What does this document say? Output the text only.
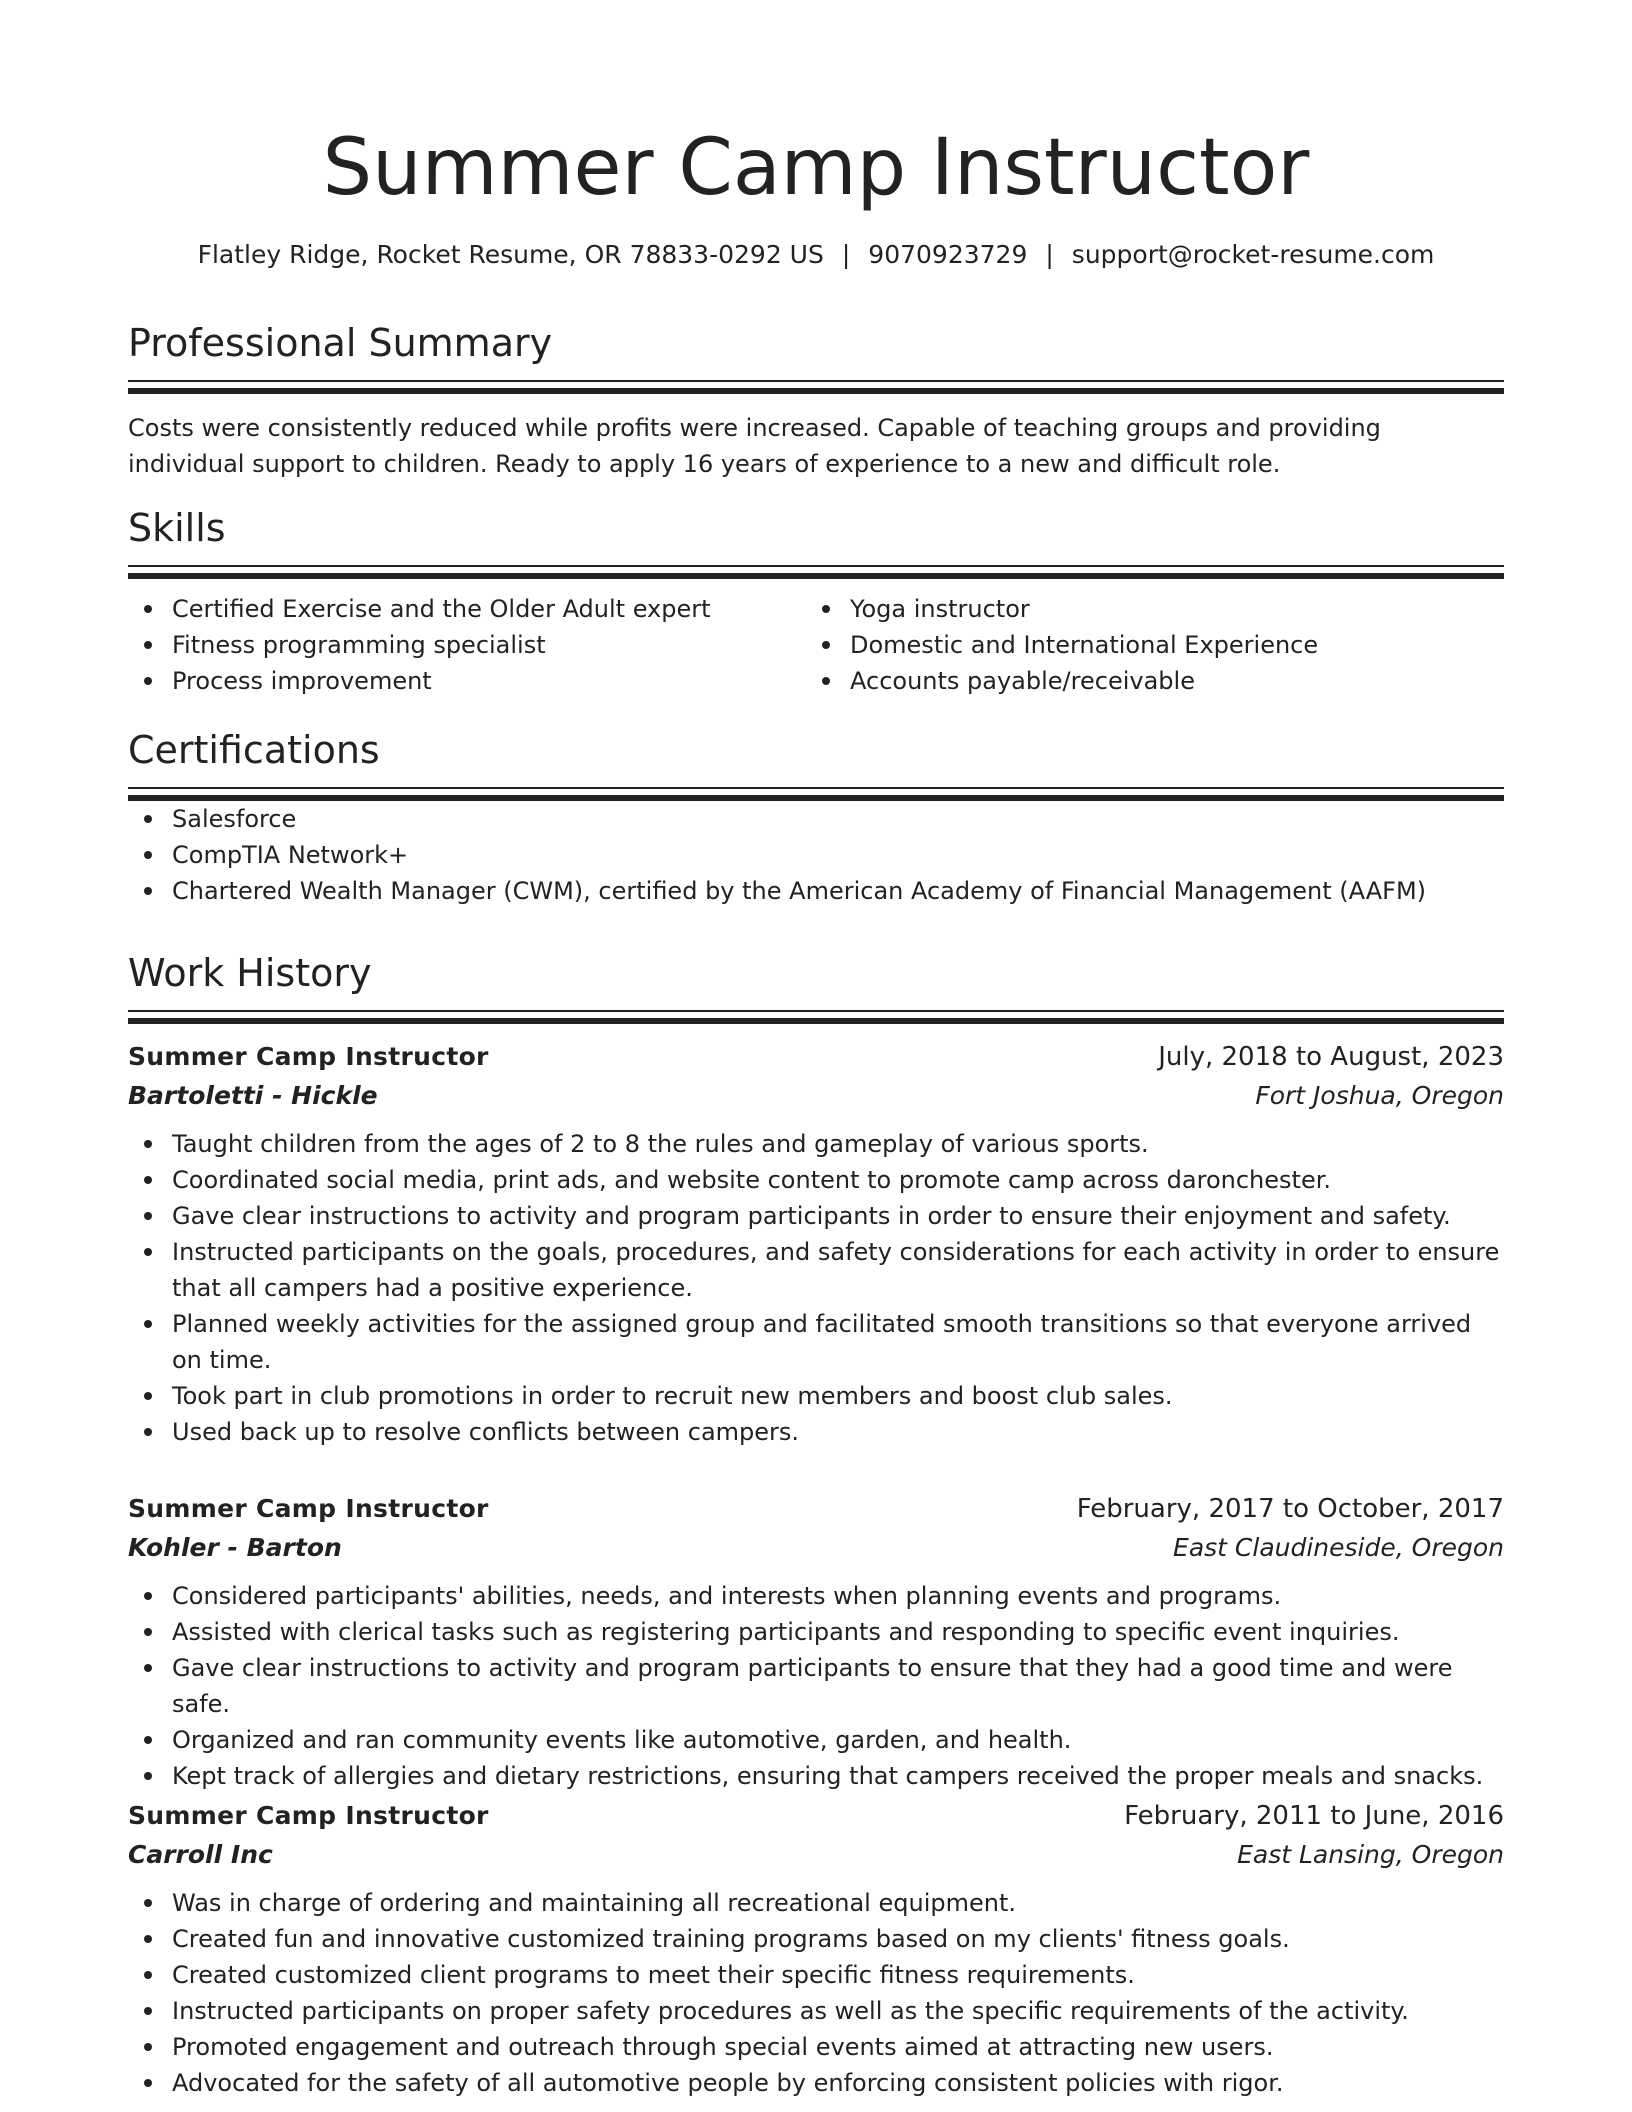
Summer Camp Instructor
Flatley Ridge, Rocket Resume, OR 78833-0292 US | 9070923729 | support@rocket-resume.com
Professional Summary
Costs were consistently reduced while profits were increased. Capable of teaching groups and providing individual support to children. Ready to apply 16 years of experience to a new and difficult role.
Skills
Certified Exercise and the Older Adult expert
Fitness programming specialist
Process improvement
Yoga instructor
Domestic and International Experience
Accounts payable/receivable
Certifications
Salesforce
CompTIA Network+
Chartered Wealth Manager (CWM), certified by the American Academy of Financial Management (AAFM)
Work History
Summer Camp Instructor	July, 2018 to August, 2023
Bartoletti - Hickle	Fort Joshua, Oregon
Taught children from the ages of 2 to 8 the rules and gameplay of various sports.
Coordinated social media, print ads, and website content to promote camp across daronchester.
Gave clear instructions to activity and program participants in order to ensure their enjoyment and safety.
Instructed participants on the goals, procedures, and safety considerations for each activity in order to ensure that all campers had a positive experience.
Planned weekly activities for the assigned group and facilitated smooth transitions so that everyone arrived on time.
Took part in club promotions in order to recruit new members and boost club sales.
Used back up to resolve conflicts between campers.
Summer Camp Instructor	February, 2017 to October, 2017
Kohler - Barton	East Claudineside, Oregon
Considered participants' abilities, needs, and interests when planning events and programs.
Assisted with clerical tasks such as registering participants and responding to specific event inquiries.
Gave clear instructions to activity and program participants to ensure that they had a good time and were safe.
Organized and ran community events like automotive, garden, and health.
Kept track of allergies and dietary restrictions, ensuring that campers received the proper meals and snacks.
Summer Camp Instructor	February, 2011 to June, 2016
Carroll Inc	East Lansing, Oregon
Was in charge of ordering and maintaining all recreational equipment.
Created fun and innovative customized training programs based on my clients' fitness goals.
Created customized client programs to meet their specific fitness requirements.
Instructed participants on proper safety procedures as well as the specific requirements of the activity.
Promoted engagement and outreach through special events aimed at attracting new users.
Advocated for the safety of all automotive people by enforcing consistent policies with rigor.
